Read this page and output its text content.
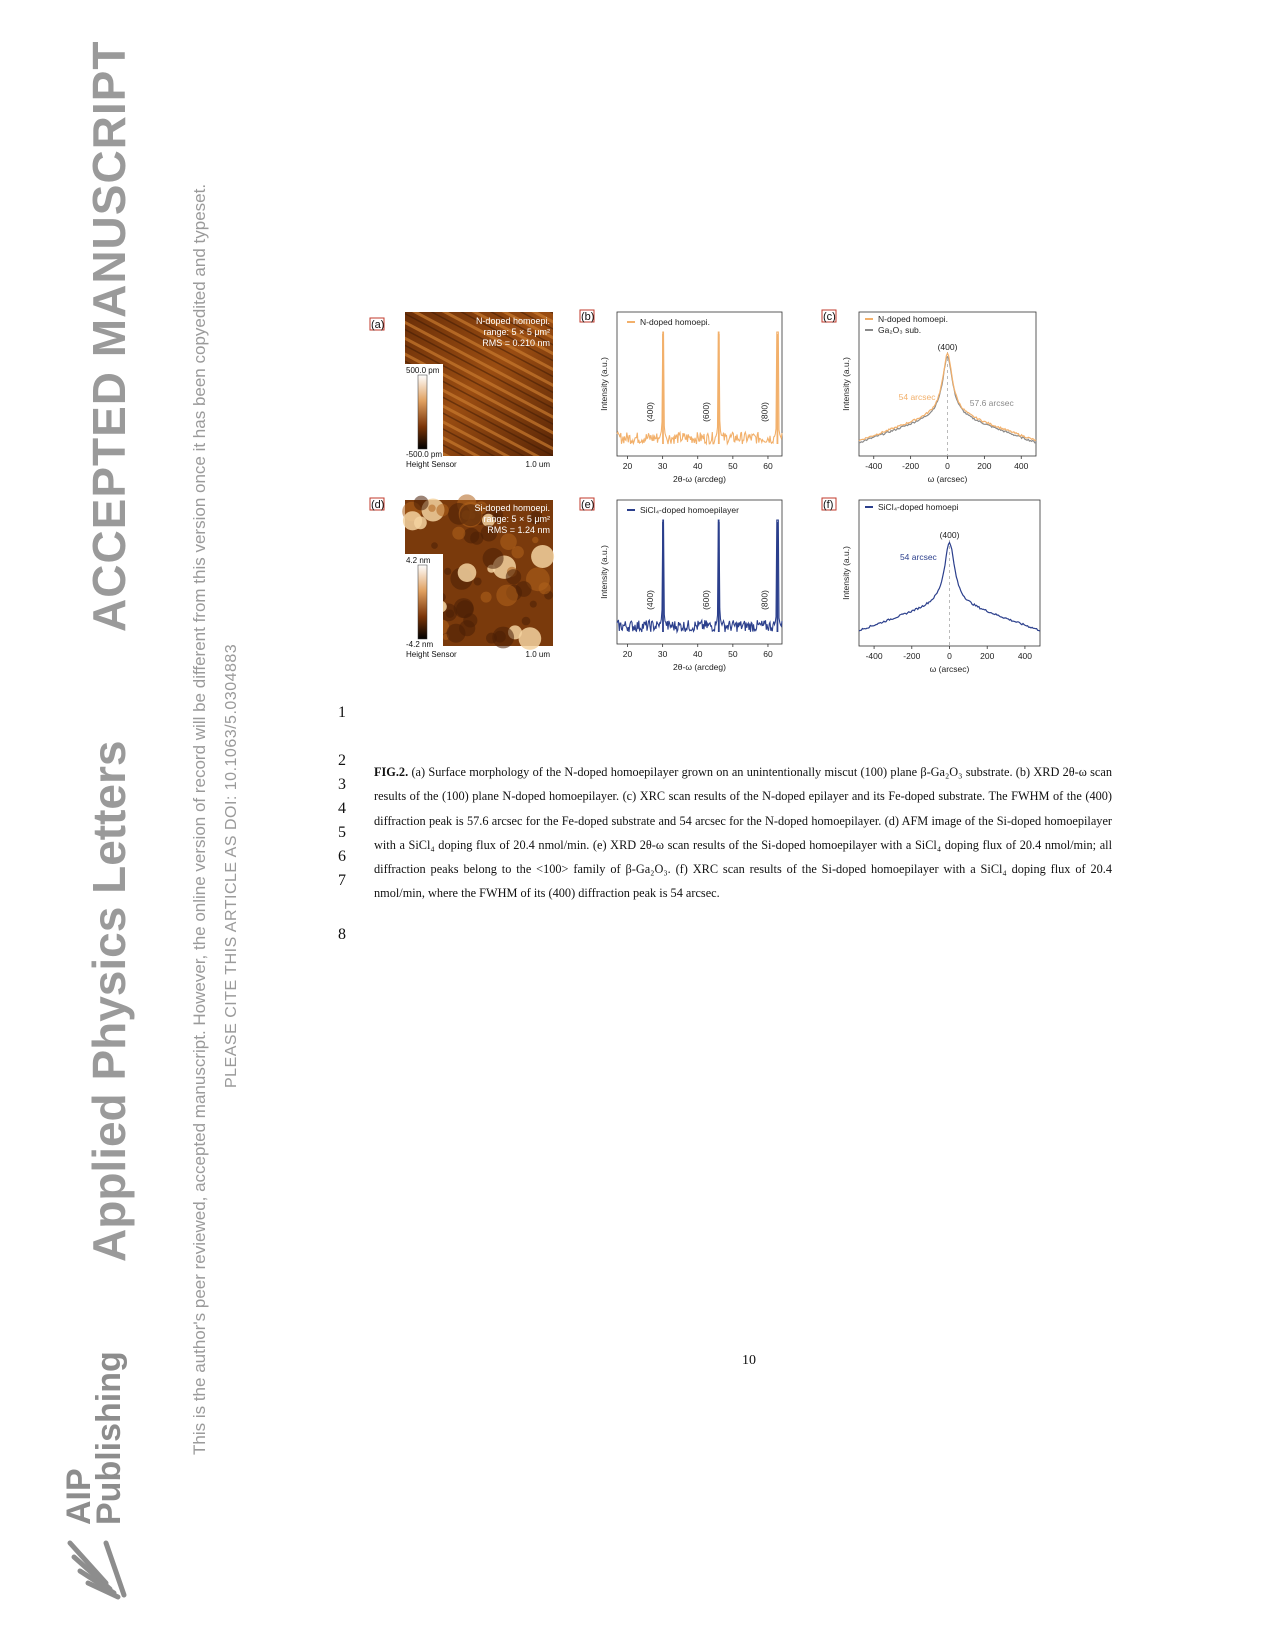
Applied Physics Letters
ACCEPTED MANUSCRIPT	This is the author's peer reviewed, accepted manuscript. However, the online version of record will be different from this version once it has been copyedited and typeset. PLEASE CITE THIS ARTICLE AS DOI: 10.1063/5.0304883
AIP
Publishing
(a)	N-doped homoepi.
range: 5 × 5 μm²
RMS = 0.210 nm
500.0 pm
-500.0 pm
Height Sensor	1.0 um
(d)	Si-doped homoepi.
range: 5 × 5 μm²
RMS = 1.24 nm
4.2 nm
-4.2 nm
Height Sensor	1.0 um
(b)
20	30	40	50	60
2θ-ω (arcdeg)
Intensity (a.u.)
N-doped homoepi.
(400)	(600)	(800)
(c)
-400 -200	0	200	400
ω (arcsec)
Intensity (a.u.)
N-doped homoepi.
Ga₂O₃ sub.
(400)
54 arcsec
57.6 arcsec
(e)
20	30	40	50	60
2θ-ω (arcdeg)
Intensity (a.u.)
SiCl₄-doped homoepilayer
(400)	(600)	(800)
(f)
-400 -200	0	200	400
ω (arcsec)
Intensity (a.u.)
SiCl₄-doped homoepi
(400)
54 arcsec
1
2
3
4
5
6
7
8
FIG.2. (a) Surface morphology of the N-doped homoepilayer grown on an unintentionally miscut (100) plane β-Ga₂O₃ substrate. (b) XRD 2θ-ω scan results of the (100) plane N-doped homoepilayer. (c) XRC scan results of the N-doped epilayer and its Fe-doped substrate. The FWHM of the (400) diffraction peak is 57.6 arcsec for the Fe-doped substrate and 54 arcsec for the N-doped homoepilayer. (d) AFM image of the Si-doped homoepilayer with a SiCl₄ doping flux of 20.4 nmol/min. (e) XRD 2θ-ω scan results of the Si-doped homoepilayer with a SiCl₄ doping flux of 20.4 nmol/min; all diffraction peaks belong to the <100> family of β-Ga₂O₃. (f) XRC scan results of the Si-doped homoepilayer with a SiCl₄ doping flux of 20.4 nmol/min, where the FWHM of its (400) diffraction peak is 54 arcsec.
10
